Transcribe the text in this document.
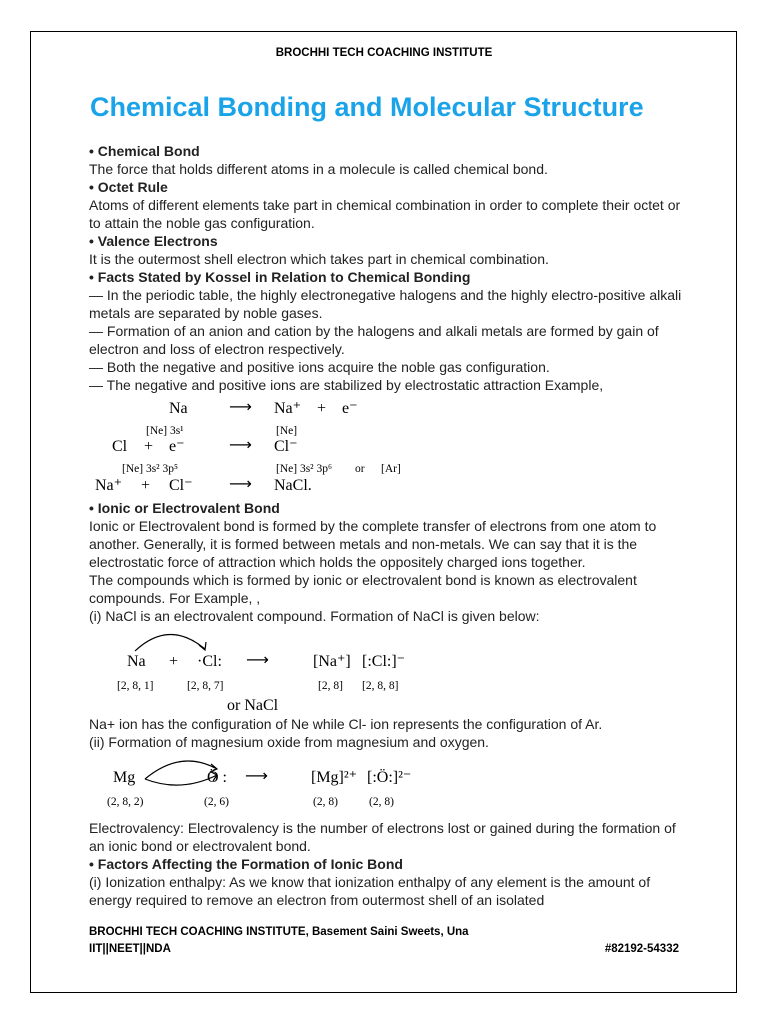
BROCHHI TECH COACHING INSTITUTE
Chemical Bonding and Molecular Structure

• Chemical Bond

The force that holds different atoms in a molecule is called chemical bond.

• Octet Rule

Atoms of different elements take part in chemical combination in order to complete their octet or to attain the noble gas configuration.

• Valence Electrons

It is the outermost shell electron which takes part in chemical combination.

• Facts Stated by Kossel in Relation to Chemical Bonding

— In the periodic table, the highly electronegative halogens and the highly electro-positive alkali metals are separated by noble gases.

— Formation of an anion and cation by the halogens and alkali metals are formed by gain of electron and loss of electron respectively.

— Both the negative and positive ions acquire the noble gas configuration.

— The negative and positive ions are stabilized by electrostatic attraction Example,

Na	⟶ Na⁺ + e⁻
[Ne] 3s¹	[Ne]
Cl + e⁻	⟶ Cl⁻
[Ne] 3s² 3p⁵	[Ne] 3s² 3p⁶ or [Ar]
Na⁺ + Cl⁻ ⟶ NaCl.

• Ionic or Electrovalent Bond

Ionic or Electrovalent bond is formed by the complete transfer of electrons from one atom to another. Generally, it is formed between metals and non-metals. We can say that it is the electrostatic force of attraction which holds the oppositely charged ions together.

The compounds which is formed by ionic or electrovalent bond is known as electrovalent compounds. For Example, ,

(i) NaCl is an electrovalent compound. Formation of NaCl is given below:

Na + ·Cl: ⟶	[Na⁺] [:Cl:]⁻
[2, 8, 1]	[2, 8, 7]	[2, 8] [2, 8, 8]
or NaCl

Na+ ion has the configuration of Ne while Cl- ion represents the configuration of Ar.

(ii) Formation of magnesium oxide from magnesium and oxygen.

Mg	Ö : ⟶	[Mg]²⁺ [:Ö:]²⁻
(2, 8, 2)	(2, 6)	(2, 8)	(2, 8)

Electrovalency: Electrovalency is the number of electrons lost or gained during the formation of an ionic bond or electrovalent bond.

• Factors Affecting the Formation of Ionic Bond

(i) Ionization enthalpy: As we know that ionization enthalpy of any element is the amount of energy required to remove an electron from outermost shell of an isolated

BROCHHI TECH COACHING INSTITUTE, Basement Saini Sweets, Una
IIT||NEET||NDA	#82192-54332
